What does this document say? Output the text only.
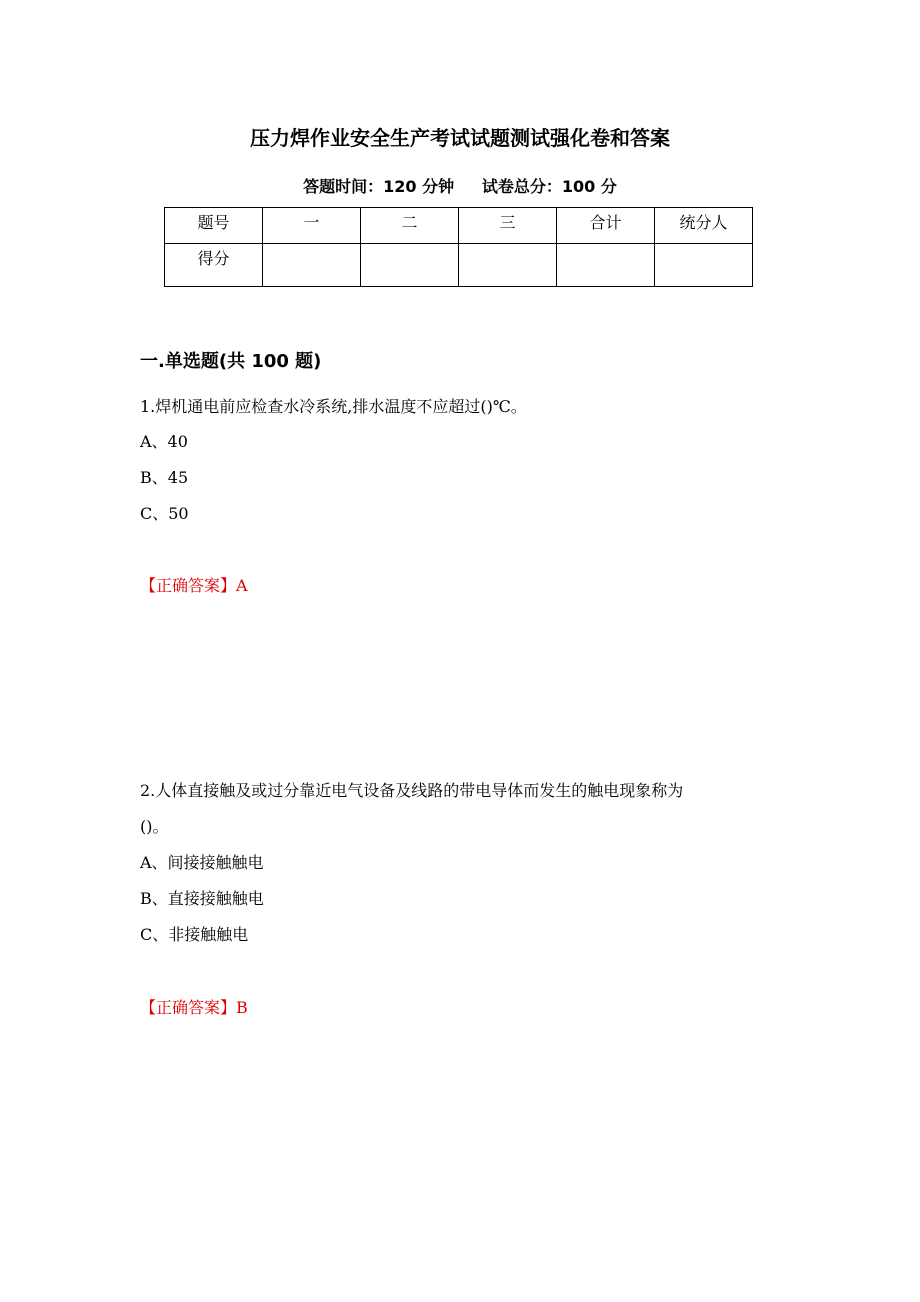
压力焊作业安全生产考试试题测试强化卷和答案
答题时间：120 分钟     试卷总分：100 分
题号	一	二	三	合计	统分人
得分					
一.单选题(共 100 题)
1.焊机通电前应检查水冷系统,排水温度不应超过()℃。
A、40
B、45
C、50
【正确答案】A
2.人体直接触及或过分靠近电气设备及线路的带电导体而发生的触电现象称为
()。
A、间接接触触电
B、直接接触触电
C、非接触触电
【正确答案】B
